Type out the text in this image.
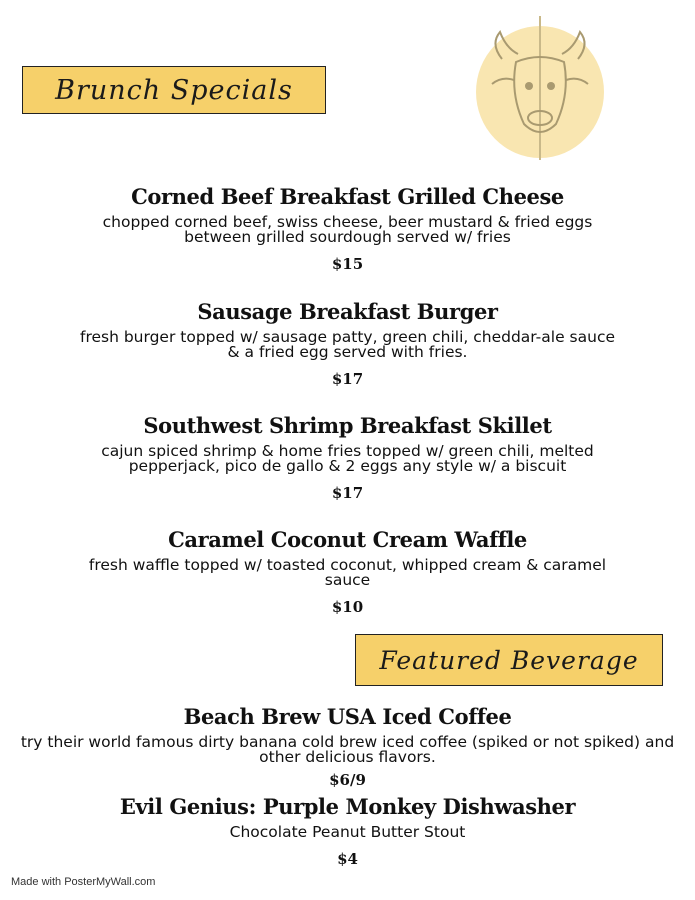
Brunch Specials
Corned Beef Breakfast Grilled Cheese
chopped corned beef, swiss cheese, beer mustard & fried eggs
between grilled sourdough served w/ fries
$15
Sausage Breakfast Burger
fresh burger topped w/ sausage patty, green chili, cheddar-ale sauce
& a fried egg served with fries.
$17
Southwest Shrimp Breakfast Skillet
cajun spiced shrimp & home fries topped w/ green chili, melted
pepperjack, pico de gallo & 2 eggs any style w/ a biscuit
$17
Caramel Coconut Cream Waffle
fresh waffle topped w/ toasted coconut, whipped cream & caramel
sauce
$10
Featured Beverage
Beach Brew USA Iced Coffee
try their world famous dirty banana cold brew iced coffee (spiked or not spiked) and
other delicious flavors.
$6/9
Evil Genius: Purple Monkey Dishwasher
Chocolate Peanut Butter Stout
$4
Made with PosterMyWall.com
